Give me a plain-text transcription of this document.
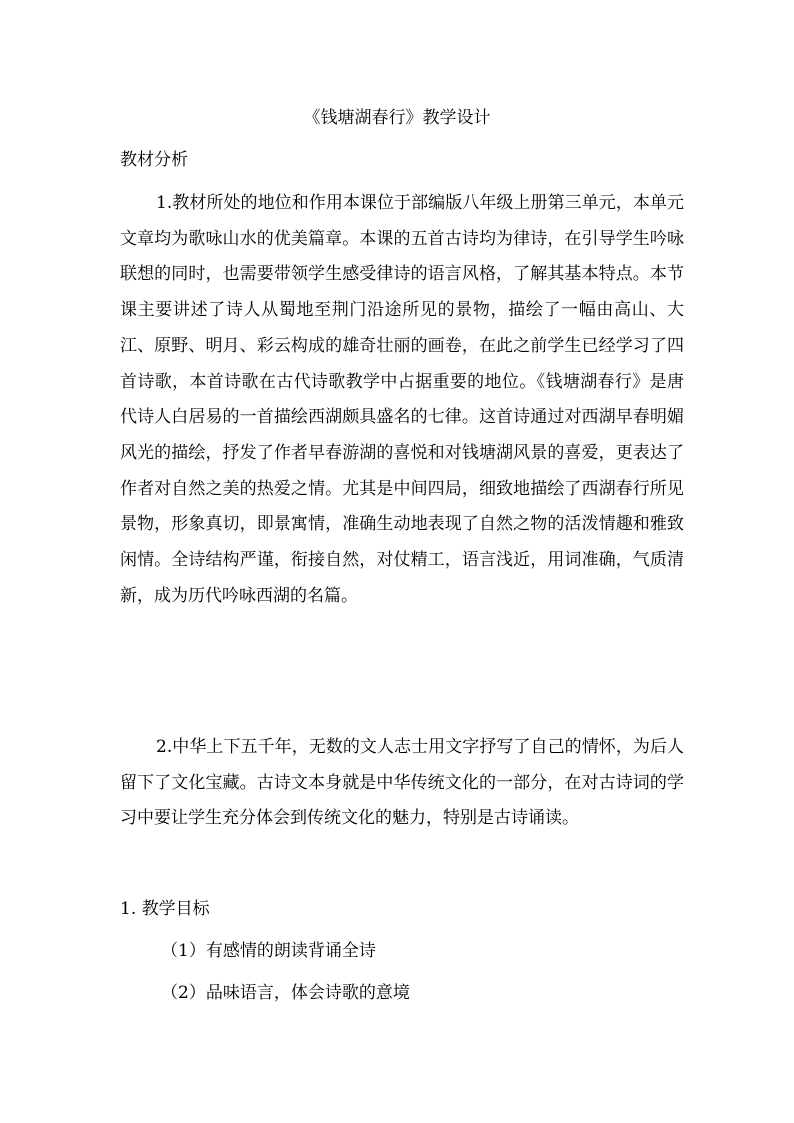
《钱塘湖春行》教学设计
教材分析

1.教材所处的地位和作用本课位于部编版八年级上册第三单元，本单元文章均为歌咏山水的优美篇章。本课的五首古诗均为律诗，在引导学生吟咏联想的同时，也需要带领学生感受律诗的语言风格，了解其基本特点。本节课主要讲述了诗人从蜀地至荆门沿途所见的景物，描绘了一幅由高山、大江、原野、明月、彩云构成的雄奇壮丽的画卷，在此之前学生已经学习了四首诗歌，本首诗歌在古代诗歌教学中占据重要的地位。《钱塘湖春行》是唐代诗人白居易的一首描绘西湖颇具盛名的七律。这首诗通过对西湖早春明媚风光的描绘，抒发了作者早春游湖的喜悦和对钱塘湖风景的喜爱，更表达了作者对自然之美的热爱之情。尤其是中间四局，细致地描绘了西湖春行所见景物，形象真切，即景寓情，准确生动地表现了自然之物的活泼情趣和雅致闲情。全诗结构严谨，衔接自然，对仗精工，语言浅近，用词准确，气质清新，成为历代吟咏西湖的名篇。

2.中华上下五千年，无数的文人志士用文字抒写了自己的情怀，为后人留下了文化宝藏。古诗文本身就是中华传统文化的一部分，在对古诗词的学习中要让学生充分体会到传统文化的魅力，特别是古诗诵读。

1. 教学目标
（1）有感情的朗读背诵全诗
（2）品味语言，体会诗歌的意境
